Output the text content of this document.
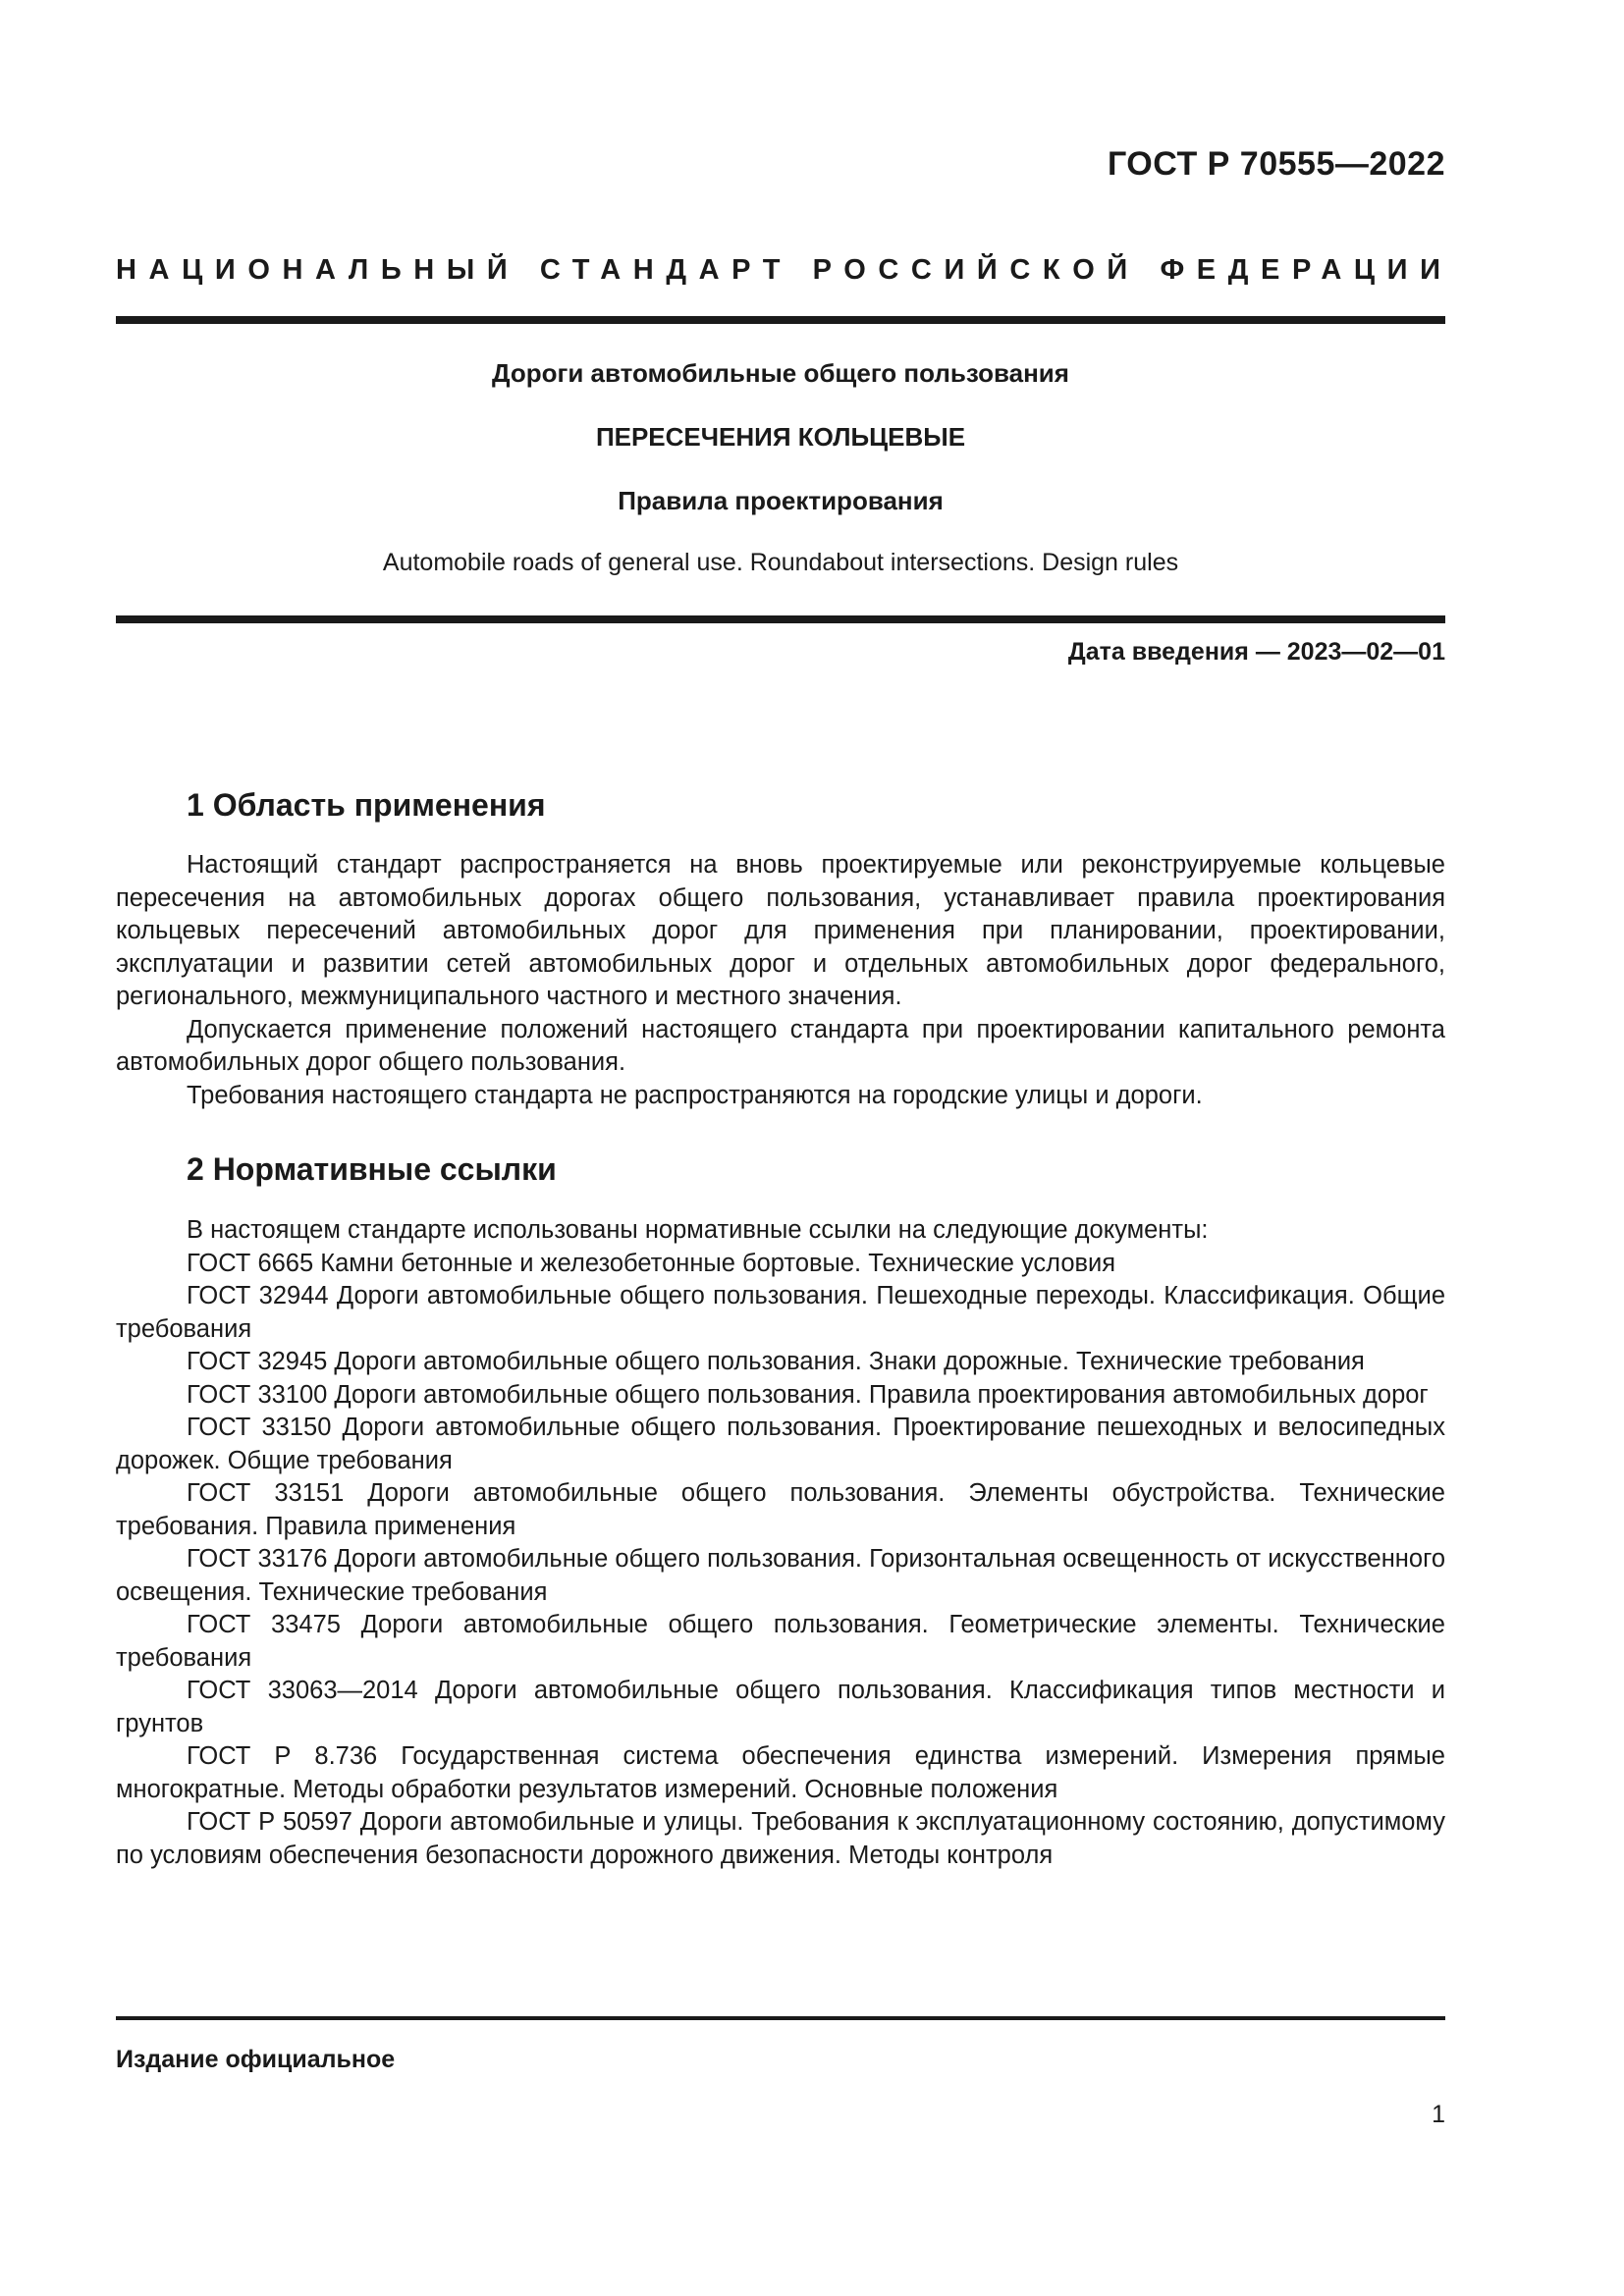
ГОСТ Р 70555—2022
НАЦИОНАЛЬНЫЙ СТАНДАРТ РОССИЙСКОЙ ФЕДЕРАЦИИ
Дороги автомобильные общего пользования
ПЕРЕСЕЧЕНИЯ КОЛЬЦЕВЫЕ
Правила проектирования
Automobile roads of general use. Roundabout intersections. Design rules
Дата введения — 2023—02—01
1 Область применения

Настоящий стандарт распространяется на вновь проектируемые или реконструируемые кольцевые пересечения на автомобильных дорогах общего пользования, устанавливает правила проектирования кольцевых пересечений автомобильных дорог для применения при планировании, проектировании, эксплуатации и развитии сетей автомобильных дорог и отдельных автомобильных дорог федерального, регионального, межмуниципального частного и местного значения.

Допускается применение положений настоящего стандарта при проектировании капитального ремонта автомобильных дорог общего пользования.

Требования настоящего стандарта не распространяются на городские улицы и дороги.

2 Нормативные ссылки

В настоящем стандарте использованы нормативные ссылки на следующие документы:

ГОСТ 6665 Камни бетонные и железобетонные бортовые. Технические условия

ГОСТ 32944 Дороги автомобильные общего пользования. Пешеходные переходы. Классификация. Общие требования

ГОСТ 32945 Дороги автомобильные общего пользования. Знаки дорожные. Технические требования

ГОСТ 33100 Дороги автомобильные общего пользования. Правила проектирования автомобильных дорог

ГОСТ 33150 Дороги автомобильные общего пользования. Проектирование пешеходных и велосипедных дорожек. Общие требования

ГОСТ 33151 Дороги автомобильные общего пользования. Элементы обустройства. Технические требования. Правила применения

ГОСТ 33176 Дороги автомобильные общего пользования. Горизонтальная освещенность от искусственного освещения. Технические требования

ГОСТ 33475 Дороги автомобильные общего пользования. Геометрические элементы. Технические требования

ГОСТ 33063—2014 Дороги автомобильные общего пользования. Классификация типов местности и грунтов

ГОСТ Р 8.736 Государственная система обеспечения единства измерений. Измерения прямые многократные. Методы обработки результатов измерений. Основные положения

ГОСТ Р 50597 Дороги автомобильные и улицы. Требования к эксплуатационному состоянию, допустимому по условиям обеспечения безопасности дорожного движения. Методы контроля

Издание официальное
1
